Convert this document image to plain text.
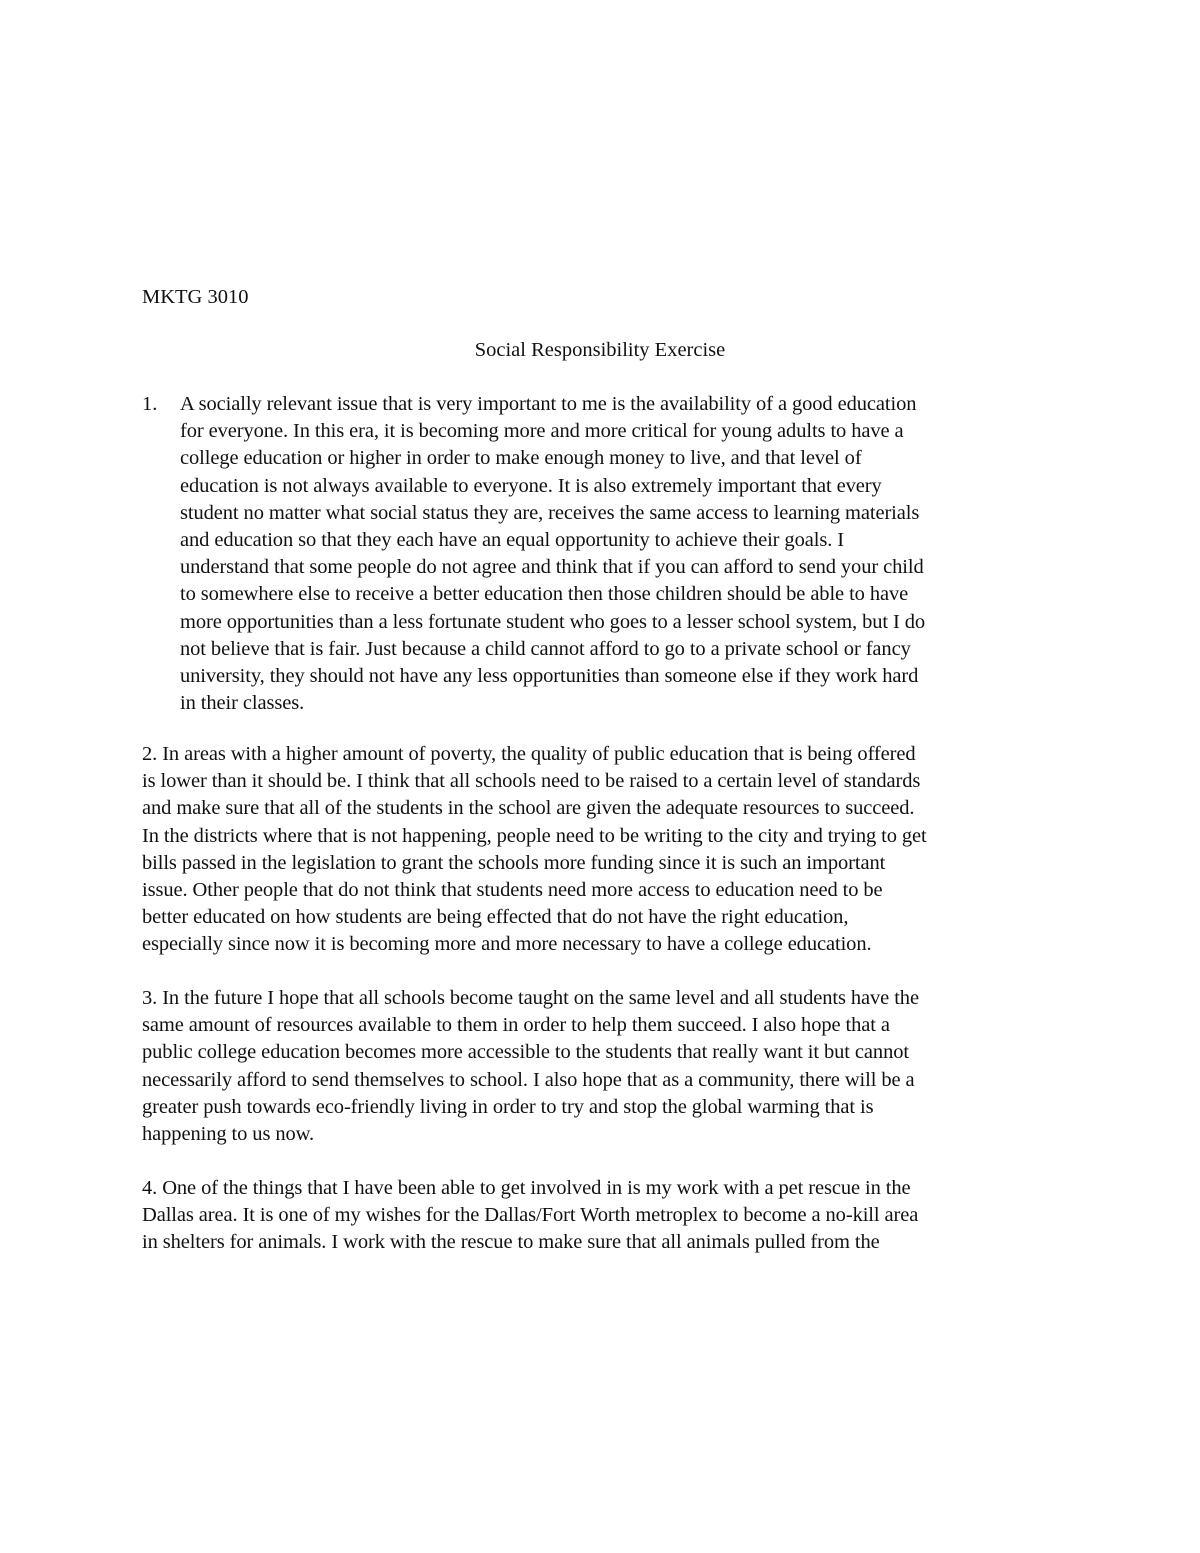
MKTG 3010
Social Responsibility Exercise
1. A socially relevant issue that is very important to me is the availability of a good education
for everyone. In this era, it is becoming more and more critical for young adults to have a
college education or higher in order to make enough money to live, and that level of
education is not always available to everyone. It is also extremely important that every
student no matter what social status they are, receives the same access to learning materials
and education so that they each have an equal opportunity to achieve their goals. I
understand that some people do not agree and think that if you can afford to send your child
to somewhere else to receive a better education then those children should be able to have
more opportunities than a less fortunate student who goes to a lesser school system, but I do
not believe that is fair. Just because a child cannot afford to go to a private school or fancy
university, they should not have any less opportunities than someone else if they work hard
in their classes.
2. In areas with a higher amount of poverty, the quality of public education that is being offered
is lower than it should be. I think that all schools need to be raised to a certain level of standards
and make sure that all of the students in the school are given the adequate resources to succeed.
In the districts where that is not happening, people need to be writing to the city and trying to get
bills passed in the legislation to grant the schools more funding since it is such an important
issue. Other people that do not think that students need more access to education need to be
better educated on how students are being effected that do not have the right education,
especially since now it is becoming more and more necessary to have a college education.
3. In the future I hope that all schools become taught on the same level and all students have the
same amount of resources available to them in order to help them succeed. I also hope that a
public college education becomes more accessible to the students that really want it but cannot
necessarily afford to send themselves to school. I also hope that as a community, there will be a
greater push towards eco-friendly living in order to try and stop the global warming that is
happening to us now.
4. One of the things that I have been able to get involved in is my work with a pet rescue in the
Dallas area. It is one of my wishes for the Dallas/Fort Worth metroplex to become a no-kill area
in shelters for animals. I work with the rescue to make sure that all animals pulled from the
